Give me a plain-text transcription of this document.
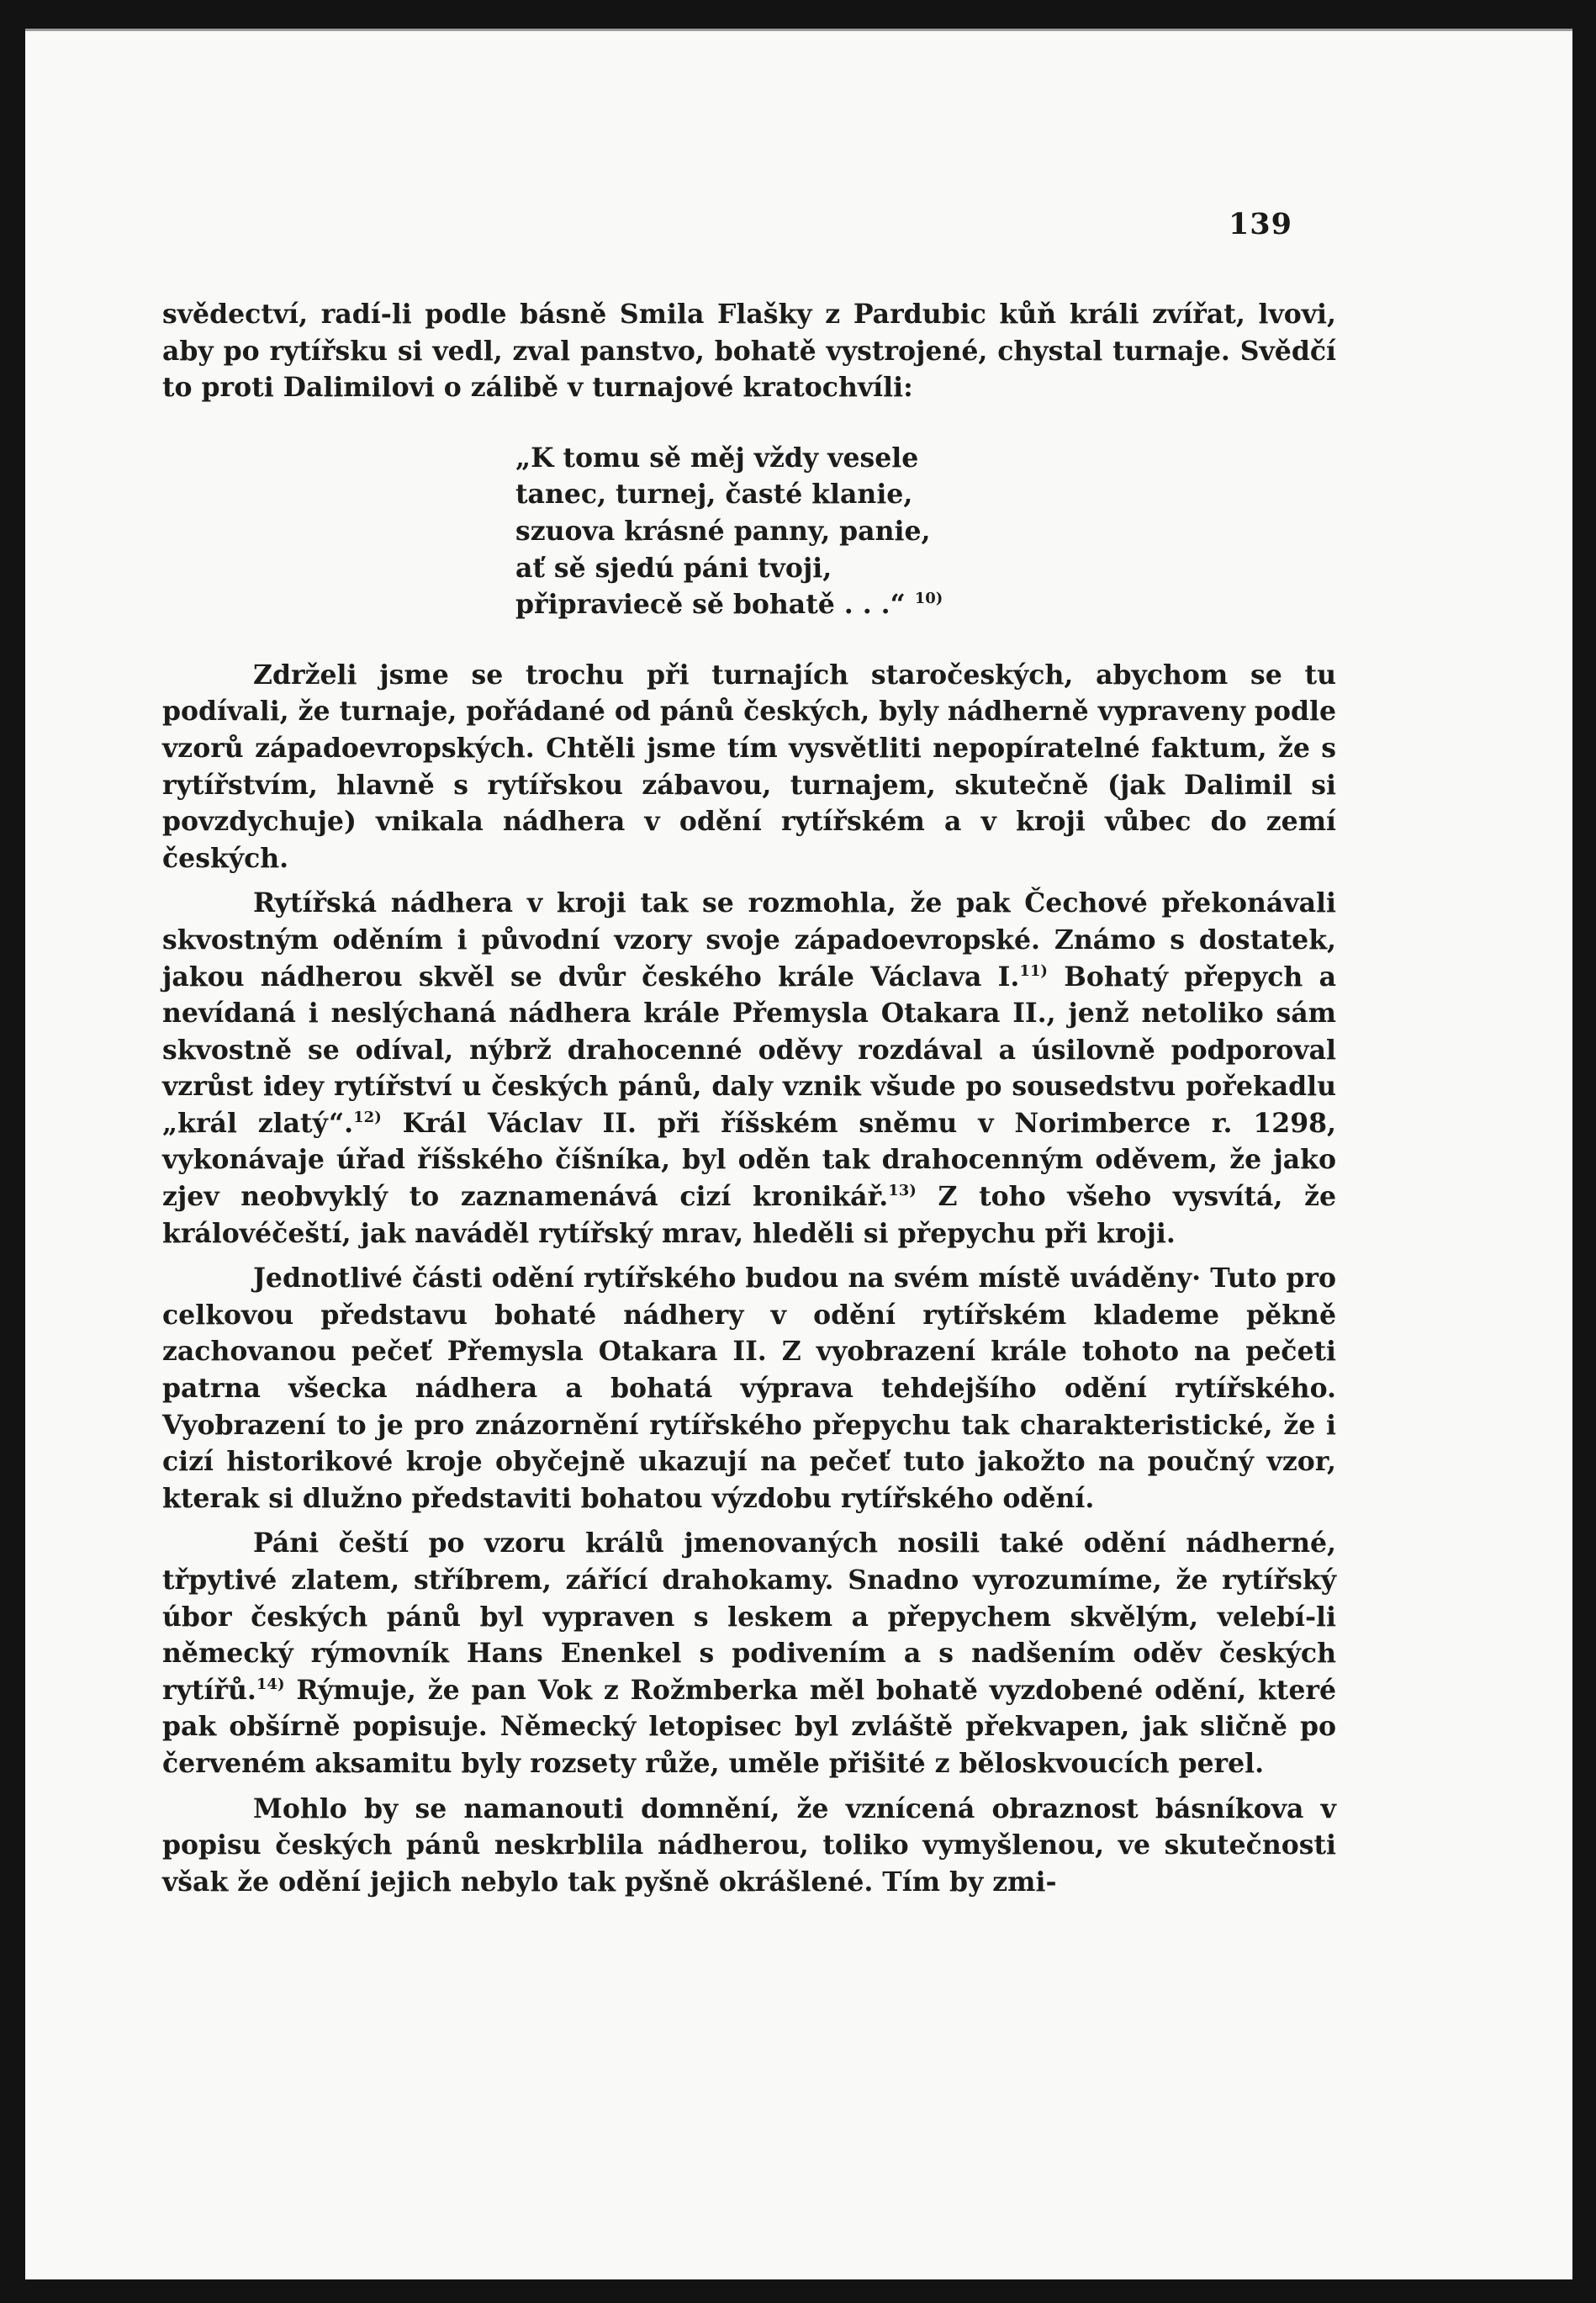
139

svědectví, radí-li podle básně Smila Flašky z Pardubic kůň králi zvířat, lvovi, aby po rytířsku si vedl, zval panstvo, bohatě vystrojené, chystal turnaje. Svědčí to proti Dalimilovi o zálibě v turnajové kratochvíli:

„K tomu sě měj vždy vesele
tanec, turnej, časté klanie,
szuova krásné panny, panie,
ať sě sjedú páni tvoji,
připraviecě sě bohatě . . .“ $^{10)}$

Zdrželi jsme se trochu při turnajích staročeských, abychom se tu podívali, že turnaje, pořádané od pánů českých, byly nádherně vypraveny podle vzorů západoevropských. Chtěli jsme tím vysvětliti nepopíratelné faktum, že s rytířstvím, hlavně s rytířskou zábavou, turnajem, skutečně (jak Dalimil si povzdychuje) vnikala nádhera v odění rytířském a v kroji vůbec do zemí českých.

Rytířská nádhera v kroji tak se rozmohla, že pak Čechové překonávali skvostným oděním i původní vzory svoje západoevropské. Známo s dostatek, jakou nádherou skvěl se dvůr českého krále Václava I.$^{11)}$ Bohatý přepych a nevídaná i neslýchaná nádhera krále Přemysla Otakara II., jenž netoliko sám skvostně se odíval, nýbrž drahocenné oděvy rozdával a úsilovně podporoval vzrůst idey rytířství u českých pánů, daly vznik všude po sousedstvu pořekadlu „král zlatý“.$^{12)}$ Král Václav II. při říšském sněmu v Norimberce r. 1298, vykonávaje úřad říšského číšníka, byl oděn tak drahocenným oděvem, že jako zjev neobvyklý to zaznamenává cizí kronikář.$^{13)}$ Z toho všeho vysvítá, že královéčeští, jak naváděl rytířský mrav, hleděli si přepychu při kroji.

Jednotlivé části odění rytířského budou na svém místě uváděny· Tuto pro celkovou představu bohaté nádhery v odění rytířském klademe pěkně zachovanou pečeť Přemysla Otakara II. Z vyobrazení krále tohoto na pečeti patrna všecka nádhera a bohatá výprava tehdejšího odění rytířského. Vyobrazení to je pro znázornění rytířského přepychu tak charakteristické, že i cizí historikové kroje obyčejně ukazují na pečeť tuto jakožto na poučný vzor, kterak si dlužno představiti bohatou výzdobu rytířského odění.

Páni čeští po vzoru králů jmenovaných nosili také odění nádherné, třpytivé zlatem, stříbrem, zářící drahokamy. Snadno vyrozumíme, že rytířský úbor českých pánů byl vypraven s leskem a přepychem skvělým, velebí-li německý rýmovník Hans Enenkel s podivením a s nadšením oděv českých rytířů.$^{14)}$ Rýmuje, že pan Vok z Rožmberka měl bohatě vyzdobené odění, které pak obšírně popisuje. Německý letopisec byl zvláště překvapen, jak sličně po červeném aksamitu byly rozsety růže, uměle přišité z běloskvoucích perel.

Mohlo by se namanouti domnění, že vznícená obraznost básníkova v popisu českých pánů neskrblila nádherou, toliko vymyšlenou, ve skutečnosti však že odění jejich nebylo tak pyšně okrášlené. Tím by zmi-
